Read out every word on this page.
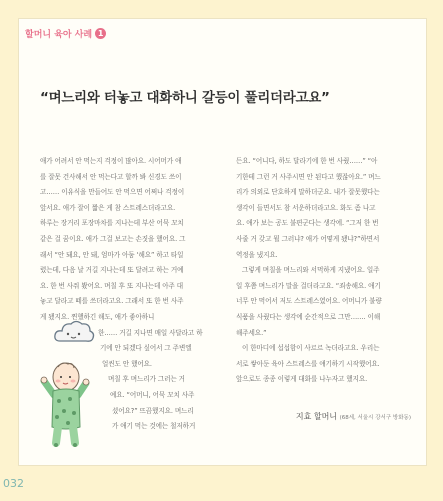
할머니 육아 사례 1
“며느리와 터놓고 대화하니 갈등이 풀리더라고요”
애가 어려서 안 먹는지 걱정이 많아요. 시어머가 애
를 잘못 건사해서 안 먹는다고 할까 봐 신경도 쓰이
고…… 이유식을 만들어도 안 먹으면 어쩌나 걱정이
앞서요. 애가 잘이 짧은 게 참 스트레스더라고요.
하루는 장거리 포장마차를 지나는데 부산 어묵 꼬치
같은 걸 꿈이요. 애가 그걸 보고는 손짓을 했어요. 그
래서 “안 돼요, 안 돼, 엄마가 아둠 ‘해요” 하고 타일
렸는데, 다음 날 거길 지나는데 또 달려고 하는 거예
요. 한 번 사줘 봤어요. 며칠 후 또 지나는데 아주 대
놓고 달라고 떼를 쓰더라고요. 그래서 또 한 번 사주
게 됐지요. 찐했하긴 해도, 애가 좋아하니
한…… 거길 지나면 매일 사달라고 하
기에 안 되겠다 싶어서 그 주변엘
얼씬도 안 했어요.
며칠 후 며느리가 그러는 거
예요. “어머니, 어묵 꼬치 사주
셨어요?” 뜨끔했지요. 며느리
가 애기 먹는 것에는 철저하거
든요. “어니다, 하도 달라기에 한 번 사줬……” “아
기한테 그런 거 사주시면 안 된다고 했잖아요.” 며느
리가 의외로 단호하게 말하더군요. 내가 잘못했다는
생각이 들면서도 참 서운하더라고요. 화도 좀 나고
요. 애가 보는 공도 불편군다는 생각에. “그저 한 번
사줄 거 갖고 뭘 그러냐? 애가 어떻게 됐냐?”하면서
역정을 냈지요.
그렇게 며칠을 며느리와 서먹하게 지냈어요. 일주
일 후쯤 며느리가 말을 걸더라고요. “죄송해요. 애기
너무 안 먹어서 저도 스트레스였어요. 어머니가 불량
식품을 사줬다는 생각에 순간적으로 그만……. 이해
해주세요.”
이 한마디에 섭섭함이 사르르 녹더라고요. 우리는
서로 쌓아둔 육아 스트레스를 얘기하기 시작했어요.
앞으로도 종종 이렇게 대화를 나누자고 했지요.
지효 할머니 (68세, 서울시 강서구 방화동)
032
